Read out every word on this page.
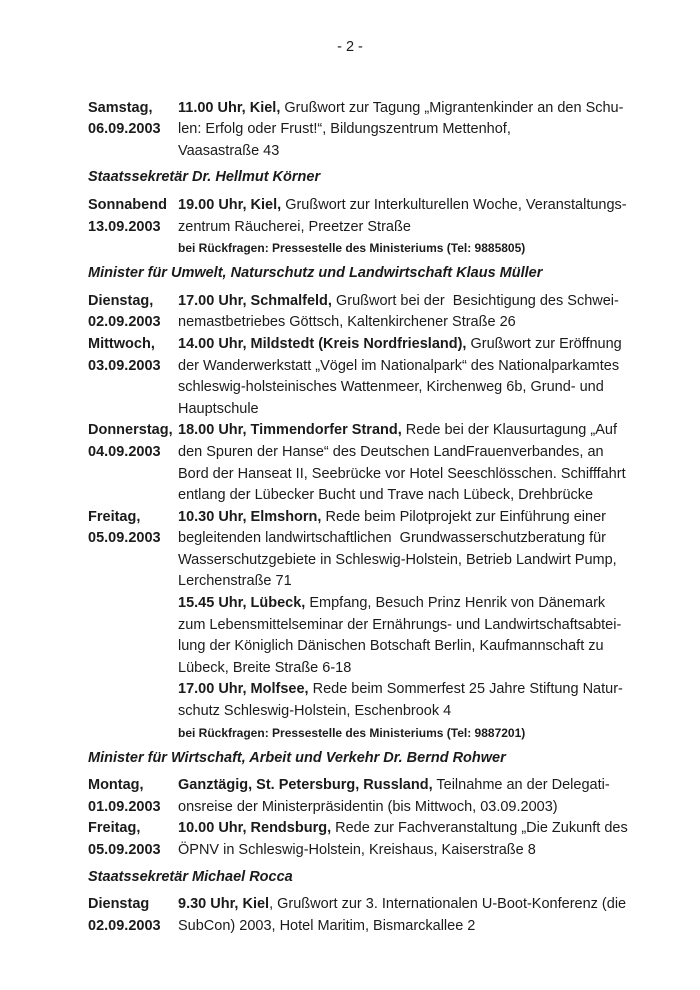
- 2 -
Samstag,
06.09.2003
11.00 Uhr, Kiel, Grußwort zur Tagung „Migrantenkinder an den Schu-
len: Erfolg oder Frust!“, Bildungszentrum Mettenhof,
Vaasastraße 43
Staatssekretär Dr. Hellmut Körner
Sonnabend
13.09.2003
19.00 Uhr, Kiel, Grußwort zur Interkulturellen Woche, Veranstaltungs-
zentrum Räucherei, Preetzer Straße
bei Rückfragen: Pressestelle des Ministeriums (Tel: 9885805)
Minister für Umwelt, Naturschutz und Landwirtschaft Klaus Müller
Dienstag,
02.09.2003
17.00 Uhr, Schmalfeld, Grußwort bei der  Besichtigung des Schwei-
nemastbetriebes Göttsch, Kaltenkirchener Straße 26
Mittwoch,
03.09.2003
14.00 Uhr, Mildstedt (Kreis Nordfriesland), Grußwort zur Eröffnung
der Wanderwerkstatt „Vögel im Nationalpark“ des Nationalparkamtes
schleswig-holsteinisches Wattenmeer, Kirchenweg 6b, Grund- und
Hauptschule
Donnerstag,
04.09.2003
18.00 Uhr, Timmendorfer Strand, Rede bei der Klausurtagung „Auf
den Spuren der Hanse“ des Deutschen LandFrauenverbandes, an
Bord der Hanseat II, Seebrücke vor Hotel Seeschlösschen. Schifffahrt
entlang der Lübecker Bucht und Trave nach Lübeck, Drehbrücke
Freitag,
05.09.2003
10.30 Uhr, Elmshorn, Rede beim Pilotprojekt zur Einführung einer
begleitenden landwirtschaftlichen  Grundwasserschutzberatung für
Wasserschutzgebiete in Schleswig-Holstein, Betrieb Landwirt Pump,
Lerchenstraße 71
15.45 Uhr, Lübeck, Empfang, Besuch Prinz Henrik von Dänemark
zum Lebensmittelseminar der Ernährungs- und Landwirtschaftsabtei-
lung der Königlich Dänischen Botschaft Berlin, Kaufmannschaft zu
Lübeck, Breite Straße 6-18
17.00 Uhr, Molfsee, Rede beim Sommerfest 25 Jahre Stiftung Natur-
schutz Schleswig-Holstein, Eschenbrook 4
bei Rückfragen: Pressestelle des Ministeriums (Tel: 9887201)
Minister für Wirtschaft, Arbeit und Verkehr Dr. Bernd Rohwer
Montag,
01.09.2003
Ganztägig, St. Petersburg, Russland, Teilnahme an der Delegati-
onsreise der Ministerpräsidentin (bis Mittwoch, 03.09.2003)
Freitag,
05.09.2003
10.00 Uhr, Rendsburg, Rede zur Fachveranstaltung „Die Zukunft des
ÖPNV in Schleswig-Holstein, Kreishaus, Kaiserstraße 8
Staatssekretär Michael Rocca
Dienstag
02.09.2003
9.30 Uhr, Kiel, Grußwort zur 3. Internationalen U-Boot-Konferenz (die
SubCon) 2003, Hotel Maritim, Bismarckallee 2
